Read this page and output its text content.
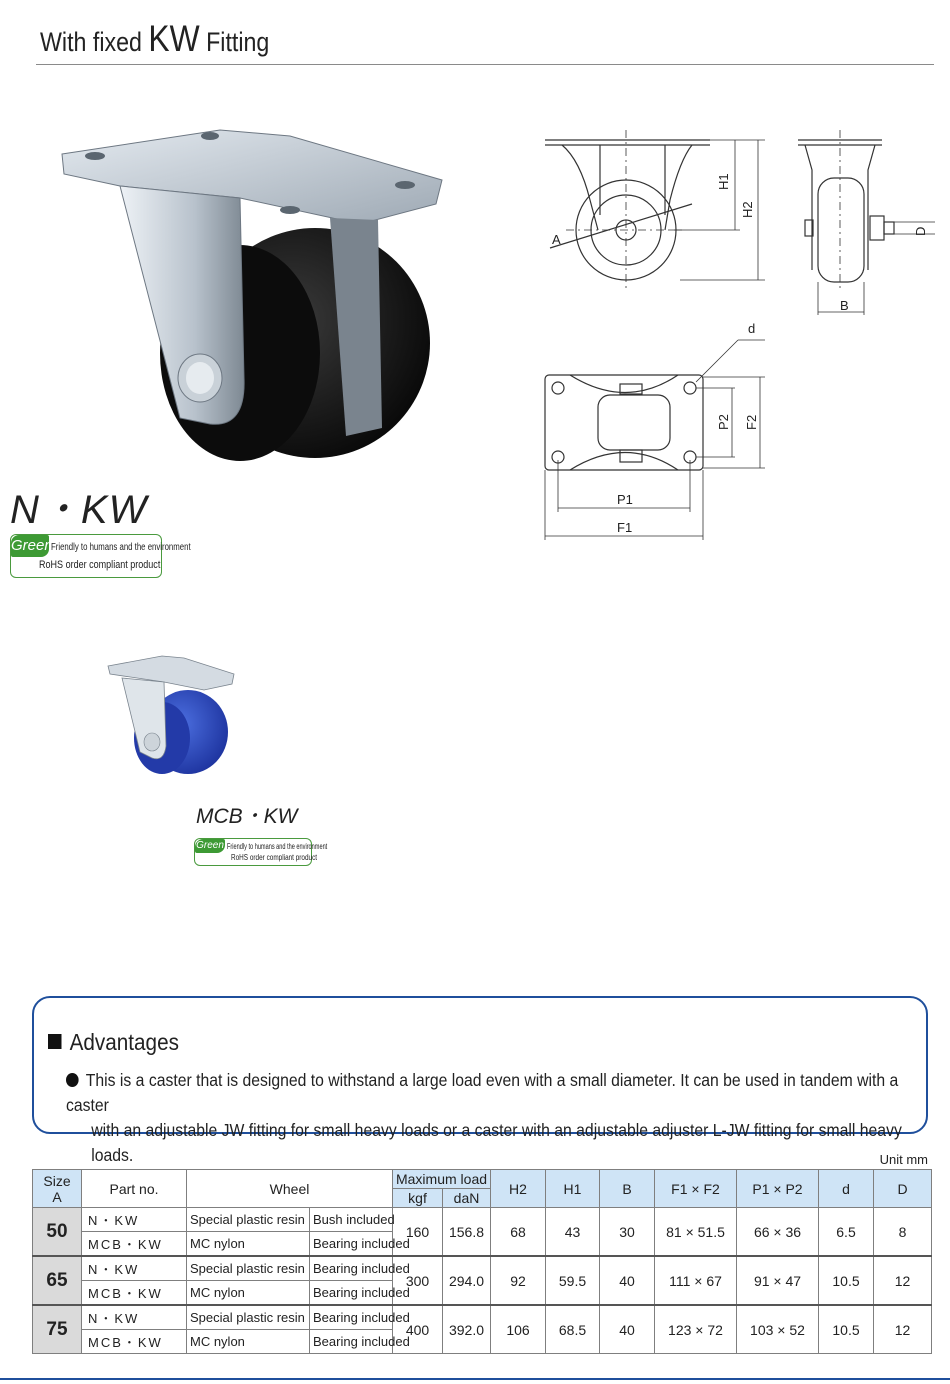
With fixed KW Fitting
N・KW
Green
Friendly to humans and the environment
RoHS order compliant product
MCB・KW
Green Friendly to humans and the environment
RoHS order compliant product
A
H1
H2
B
D
d
P2 F2
P1
F1
Advantages
This is a caster that is designed to withstand a large load even with a small diameter. It can be used in tandem with a caster
with an adjustable JW fitting for small heavy loads or a caster with an adjustable adjuster L-JW fitting for small heavy loads.	Unit mm
Size
A	Part no.	Wheel		Maximum load		H2	H1	B	F1 × F2	P1 × P2	d	D
				kgf	daN							
50	N・KW	Special plastic resin	Bush included	160	156.8	68	43	30	81 × 51.5	66 × 36	6.5	8
	MCB・KW	MC nylon	Bearing included									
65	N・KW	Special plastic resin	Bearing included	300	294.0	92	59.5	40	111 × 67	91 × 47	10.5	12
	MCB・KW	MC nylon	Bearing included									
75	N・KW	Special plastic resin	Bearing included	400	392.0	106	68.5	40	123 × 72	103 × 52	10.5	12
	MCB・KW	MC nylon	Bearing included									
